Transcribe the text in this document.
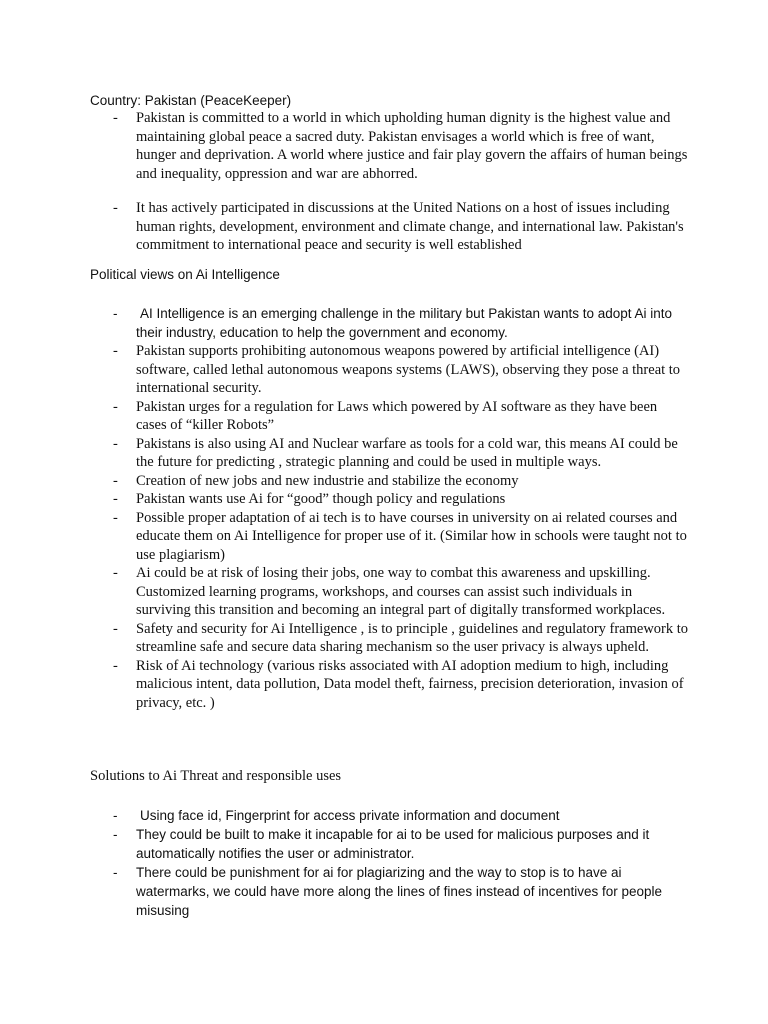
Country: Pakistan (PeaceKeeper)
- Pakistan is committed to a world in which upholding human dignity is the highest value and maintaining global peace a sacred duty. Pakistan envisages a world which is free of want, hunger and deprivation. A world where justice and fair play govern the affairs of human beings and inequality, oppression and war are abhorred.
- It has actively participated in discussions at the United Nations on a host of issues including human rights, development, environment and climate change, and international law. Pakistan's commitment to international peace and security is well established
Political views on Ai Intelligence
- AI Intelligence is an emerging challenge in the military but Pakistan wants to adopt Ai into their industry, education to help the government and economy.
- Pakistan supports prohibiting autonomous weapons powered by artificial intelligence (AI) software, called lethal autonomous weapons systems (LAWS), observing they pose a threat to international security.
- Pakistan urges for a regulation for Laws which powered by AI software as they have been cases of “killer Robots”
- Pakistans is also using AI and Nuclear warfare as tools for a cold war, this means AI could be the future for predicting , strategic planning and could be used in multiple ways.
- Creation of new jobs and new industrie and stabilize the economy
- Pakistan wants use Ai for “good” though policy and regulations
- Possible proper adaptation of ai tech is to have courses in university on ai related courses and educate them on Ai Intelligence for proper use of it. (Similar how in schools were taught not to use plagiarism)
- Ai could be at risk of losing their jobs, one way to combat this awareness and upskilling. Customized learning programs, workshops, and courses can assist such individuals in surviving this transition and becoming an integral part of digitally transformed workplaces.
- Safety and security for Ai Intelligence , is to principle , guidelines and regulatory framework to streamline safe and secure data sharing mechanism so the user privacy is always upheld.
- Risk of Ai technology (various risks associated with AI adoption medium to high, including malicious intent, data pollution, Data model theft, fairness, precision deterioration, invasion of privacy, etc. )
Solutions to Ai Threat and responsible uses
- Using face id, Fingerprint for access private information and document
- They could be built to make it incapable for ai to be used for malicious purposes and it automatically notifies the user or administrator.
- There could be punishment for ai for plagiarizing and the way to stop is to have ai watermarks, we could have more along the lines of fines instead of incentives for people misusing
